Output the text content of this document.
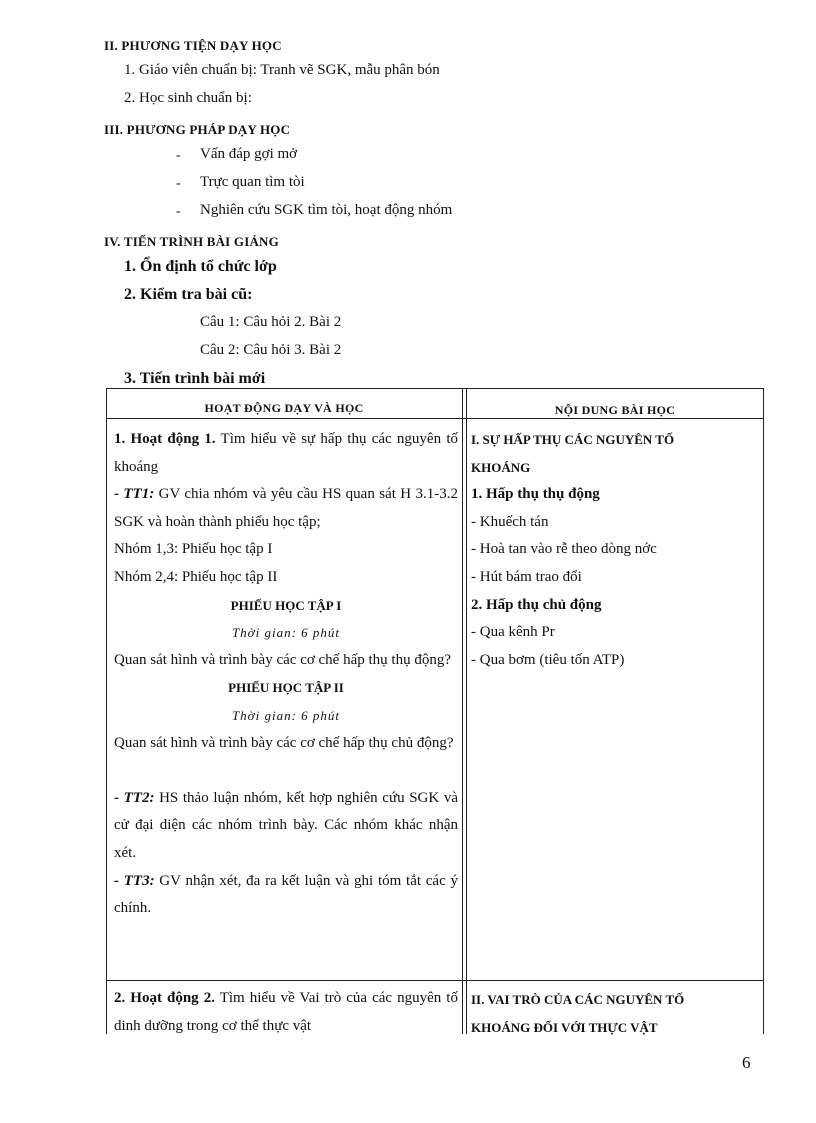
II. PHƯƠNG TIỆN DẠY HỌC
1. Giáo viên chuẩn bị: Tranh vẽ SGK, mẫu phân bón
2. Học sinh chuẩn bị:
III. PHƯƠNG PHÁP DẠY HỌC
- Vấn đáp gợi mở
- Trực quan tìm tòi
- Nghiên cứu SGK tìm tòi, hoạt động nhóm
IV. TIẾN TRÌNH BÀI GIẢNG
1. Ổn định tổ chức lớp
2. Kiểm tra bài cũ:
Câu 1: Câu hỏi 2. Bài 2
Câu 2: Câu hỏi 3. Bài 2
3. Tiến trình bài mới
HOẠT ĐỘNG DẠY VÀ HỌC	NỘI DUNG BÀI HỌC

1. Hoạt động 1. Tìm hiểu về sự hấp thụ các nguyên tố khoáng

- TT1: GV chia nhóm và yêu cầu HS quan sát H 3.1-3.2 SGK và hoàn thành phiếu học tập;

Nhóm 1,3: Phiếu học tập I

Nhóm 2,4: Phiếu học tập II

PHIẾU HỌC TẬP I

Thời gian: 6 phút

Quan sát hình và trình bày các cơ chế hấp thụ thụ động?

PHIẾU HỌC TẬP II

Thời gian: 6 phút

Quan sát hình và trình bày các cơ chế hấp thụ chủ động?

- TT2: HS thảo luận nhóm, kết hợp nghiên cứu SGK và cử đại diện các nhóm trình bày. Các nhóm khác nhận xét.

- TT3: GV nhận xét, đa ra kết luận và ghi tóm tắt các ý chính.

I. SỰ HẤP THỤ CÁC NGUYÊN TỐ

KHOÁNG

1. Hấp thụ thụ động

- Khuếch tán

- Hoà tan vào rễ theo dòng nớc

- Hút bám trao đổi

2. Hấp thụ chủ động

- Qua kênh Pr

- Qua bơm (tiêu tốn ATP)

2. Hoạt động 2. Tìm hiểu về Vai trò của các nguyên tố dinh dưỡng trong cơ thể thực vật

II. VAI TRÒ CỦA CÁC NGUYÊN TỐ

KHOÁNG ĐỐI VỚI THỰC VẬT

6
